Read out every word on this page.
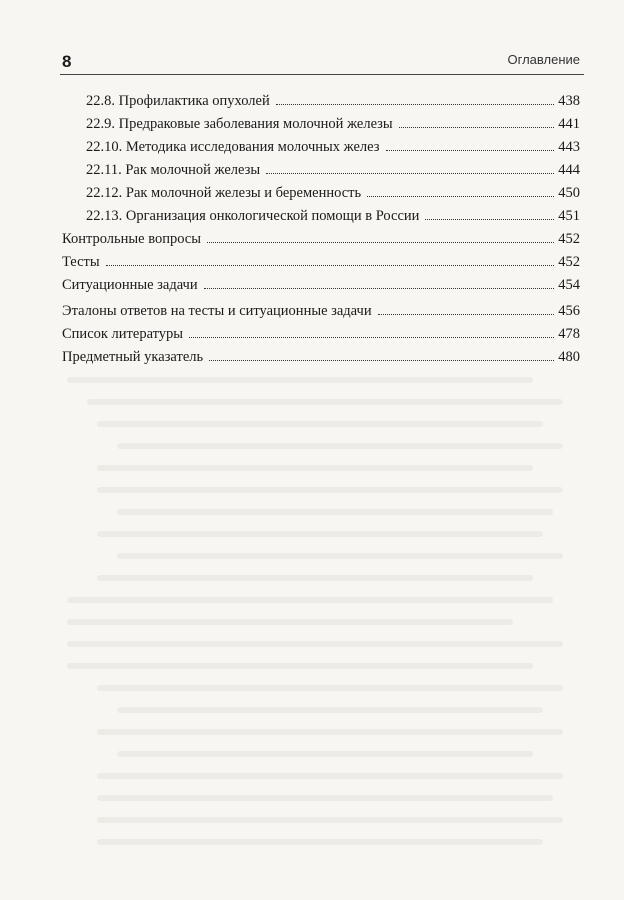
8	Оглавление
22.8. Профилактика опухолей	438
22.9. Предраковые заболевания молочной железы	441
22.10. Методика исследования молочных желез	443
22.11. Рак молочной железы	444
22.12. Рак молочной железы и беременность	450
22.13. Организация онкологической помощи в России	451
Контрольные вопросы	452
Тесты	452
Ситуационные задачи	454
Эталоны ответов на тесты и ситуационные задачи	456
Список литературы	478
Предметный указатель	480
